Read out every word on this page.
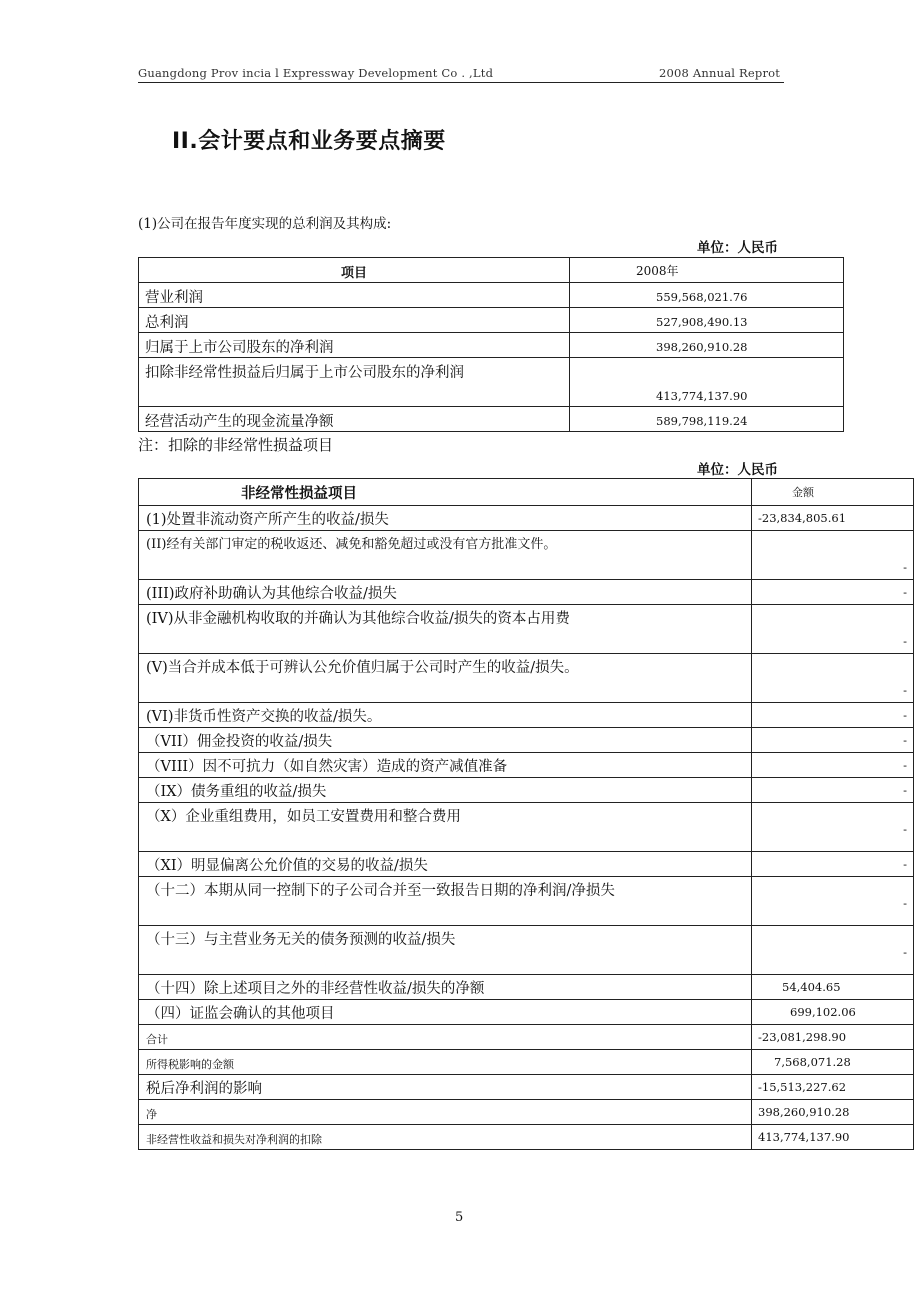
Guangdong Prov incia l Expressway Development Co . ,Ltd	2008 Annual Reprot
II.会计要点和业务要点摘要
(1)公司在报告年度实现的总利润及其构成:
单位：人民币
项目	2008年
营业利润	559,568,021.76
总利润	527,908,490.13
归属于上市公司股东的净利润	398,260,910.28
扣除非经常性损益后归属于上市公司股东的净利润	413,774,137.90
经营活动产生的现金流量净额	589,798,119.24
注：扣除的非经常性损益项目
单位：人民币
非经常性损益项目	金额
(1)处置非流动资产所产生的收益/损失	-23,834,805.61
(II)经有关部门审定的税收返还、减免和豁免超过或没有官方批准文件。	-
(III)政府补助确认为其他综合收益/损失	-
(IV)从非金融机构收取的并确认为其他综合收益/损失的资本占用费	-
(V)当合并成本低于可辨认公允价值归属于公司时产生的收益/损失。	-
(VI)非货币性资产交换的收益/损失。	-
（VII）佣金投资的收益/损失	-
（VIII）因不可抗力（如自然灾害）造成的资产减值准备	-
（IX）债务重组的收益/损失	-
（X）企业重组费用，如员工安置费用和整合费用	-
（XI）明显偏离公允价值的交易的收益/损失	-
（十二）本期从同一控制下的子公司合并至一致报告日期的净利润/净损失	-
（十三）与主营业务无关的债务预测的收益/损失	-
（十四）除上述项目之外的非经营性收益/损失的净额	54,404.65
（四）证监会确认的其他项目	699,102.06
合计	-23,081,298.90
所得税影响的金额	7,568,071.28
税后净利润的影响	-15,513,227.62
净	398,260,910.28
非经营性收益和损失对净利润的扣除	413,774,137.90
5
